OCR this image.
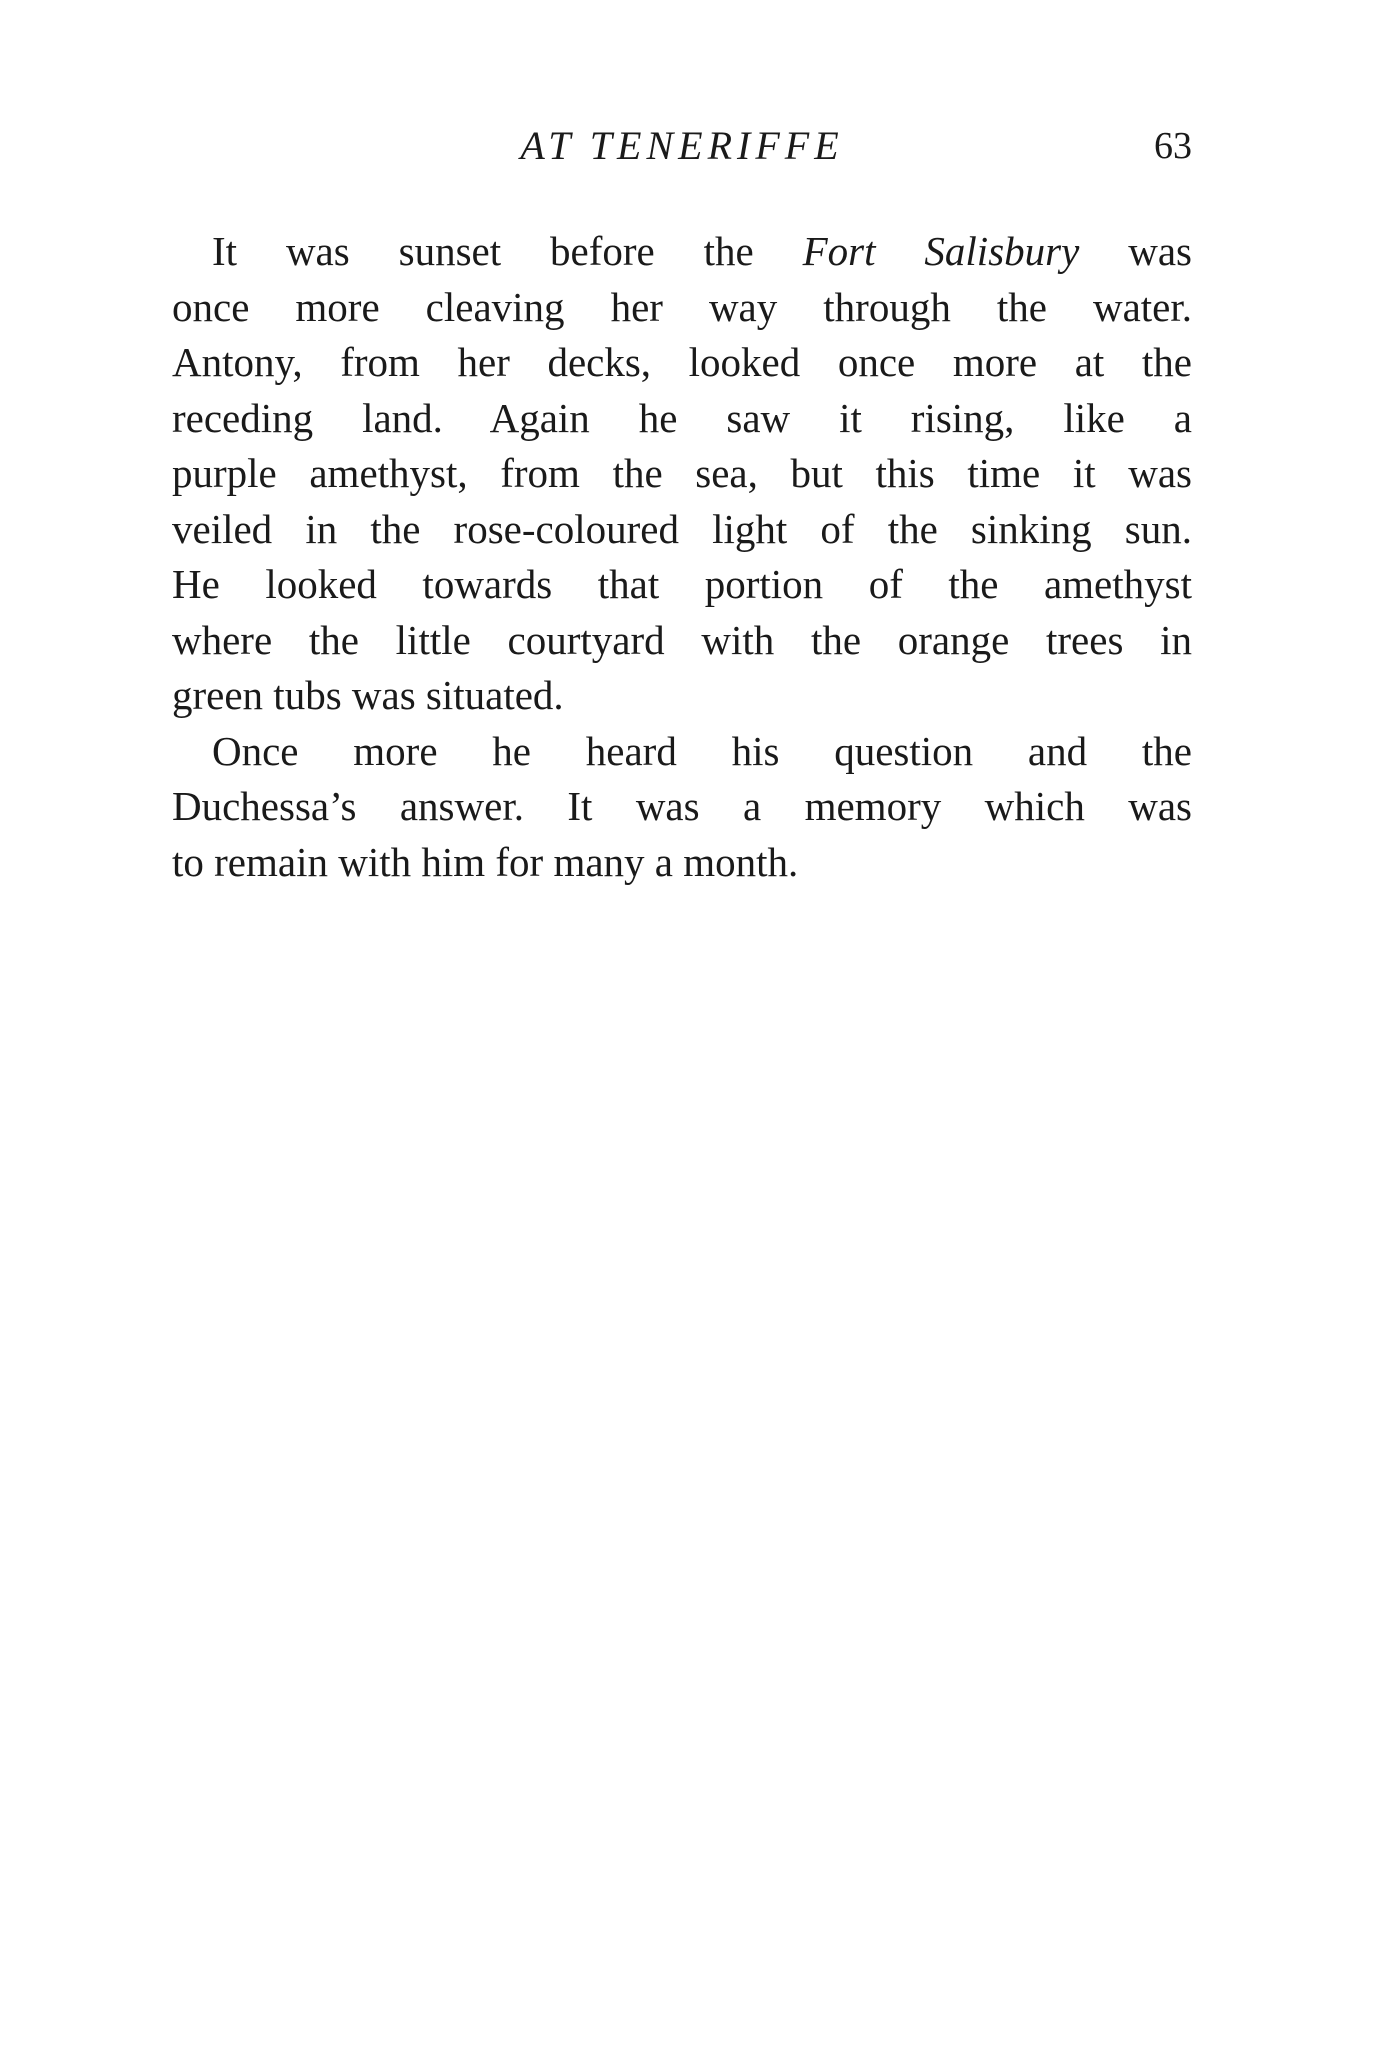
AT TENERIFFE	63
It was sunset before the Fort Salisbury was
once more cleaving her way through the water.
Antony, from her decks, looked once more at the
receding land. Again he saw it rising, like a
purple amethyst, from the sea, but this time it was
veiled in the rose-coloured light of the sinking sun.
He looked towards that portion of the amethyst
where the little courtyard with the orange trees in
green tubs was situated.
Once more he heard his question and the
Duchessa’s answer. It was a memory which was
to remain with him for many a month.
